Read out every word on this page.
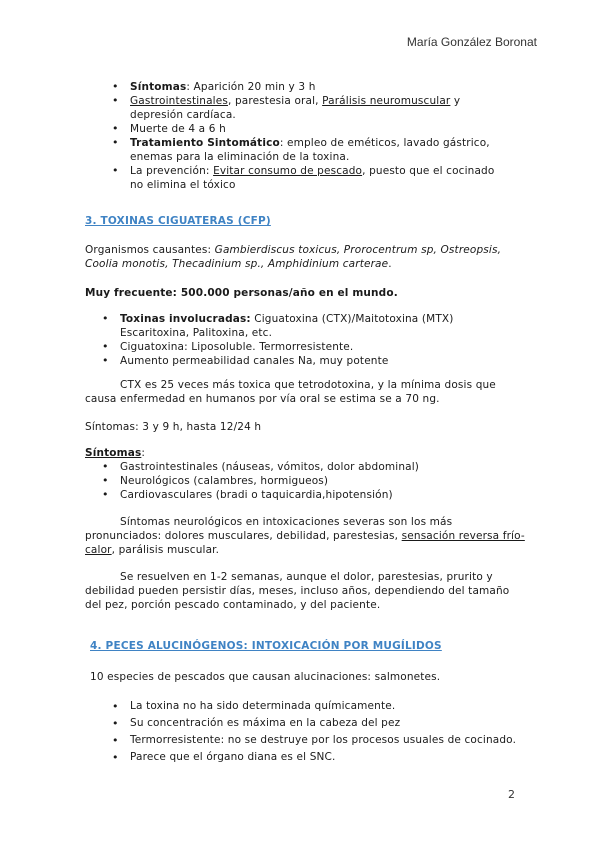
María González Boronat
• Síntomas: Aparición 20 min y 3 h
• Gastrointestinales, parestesia oral, Parálisis neuromuscular y depresión cardíaca.
• Muerte de 4 a 6 h
• Tratamiento Sintomático: empleo de eméticos, lavado gástrico, enemas para la eliminación de la toxina.
• La prevención: Evitar consumo de pescado, puesto que el cocinado no elimina el tóxico
3. TOXINAS CIGUATERAS (CFP)
Organismos causantes: Gambierdiscus toxicus, Prorocentrum sp, Ostreopsis, Coolia monotis, Thecadinium sp., Amphidinium carterae.
Muy frecuente: 500.000 personas/año en el mundo.
• Toxinas involucradas: Ciguatoxina (CTX)/Maitotoxina (MTX) Escaritoxina, Palitoxina, etc.
• Ciguatoxina: Liposoluble. Termorresistente.
• Aumento permeabilidad canales Na, muy potente
CTX es 25 veces más toxica que tetrodotoxina, y la mínima dosis que causa enfermedad en humanos por vía oral se estima se a 70 ng.
Síntomas: 3 y 9 h, hasta 12/24 h
Síntomas:
• Gastrointestinales (náuseas, vómitos, dolor abdominal)
• Neurológicos (calambres, hormigueos)
• Cardiovasculares (bradi o taquicardia,hipotensión)
Síntomas neurológicos en intoxicaciones severas son los más pronunciados: dolores musculares, debilidad, parestesias, sensación reversa frío-calor, parálisis muscular.
Se resuelven en 1-2 semanas, aunque el dolor, parestesias, prurito y debilidad pueden persistir días, meses, incluso años, dependiendo del tamaño del pez, porción pescado contaminado, y del paciente.
4. PECES ALUCINÓGENOS: INTOXICACIÓN POR MUGÍLIDOS
10 especies de pescados que causan alucinaciones: salmonetes.
• La toxina no ha sido determinada químicamente.
• Su concentración es máxima en la cabeza del pez
• Termorresistente: no se destruye por los procesos usuales de cocinado.
• Parece que el órgano diana es el SNC.
2
